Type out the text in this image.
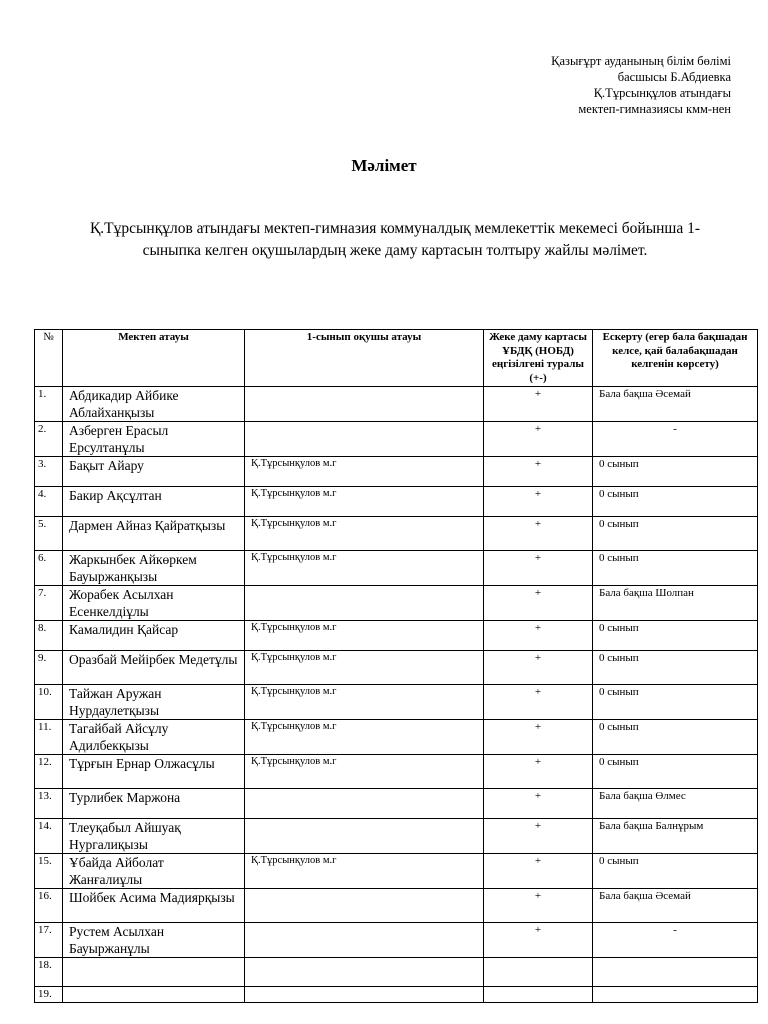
Қазығұрт ауданының білім бөлімі
басшысы Б.Абдиевка
Қ.Тұрсынқұлов атындағы
мектеп-гимназиясы кмм-нен
Мәлімет
Қ.Тұрсынқұлов атындағы мектеп-гимназия коммуналдық мемлекеттік мекемесі бойынша 1-сыныпка келген оқушылардың жеке даму картасын толтыру жайлы мәлімет.
№	Мектеп атауы	1-сынып оқушы атауы	Жеке даму картасы ҰБДҚ (НОБД) еңгізілгені туралы (+-)	Ескерту (егер бала бақшадан келсе, қай балабақшадан келгенін көрсету)
1.	Абдикадир Айбике Аблайханқызы		+	Бала бақша Әсемай
2.	Азберген Ерасыл Ерсултанұлы		+	-
3.	Бақыт Айару	Қ.Тұрсынқулов м.г	+	0 сынып
4.	Бакир Ақсұлтан	Қ.Тұрсынқулов м.г	+	0 сынып
5.	Дармен Айназ Қайратқызы	Қ.Тұрсынқулов м.г	+	0 сынып
6.	Жаркынбек Айкөркем Бауыржанқызы	Қ.Тұрсынқулов м.г	+	0 сынып
7.	Жорабек Асылхан Есенкелдіұлы		+	Бала бақша Шолпан
8.	Камалидин Қайсар	Қ.Тұрсынқулов м.г	+	0 сынып
9.	Оразбай Мейірбек Медетұлы	Қ.Тұрсынқулов м.г	+	0 сынып
10.	Тайжан Аружан Нурдаулетқызы	Қ.Тұрсынқулов м.г	+	0 сынып
11.	Тагайбай Айсұлу Адилбекқызы	Қ.Тұрсынқулов м.г	+	0 сынып
12.	Тұрғын Ернар Олжасұлы	Қ.Тұрсынқулов м.г	+	0 сынып
13.	Турлибек Маржона		+	Бала бақша Өлмес
14.	Тлеуқабыл Айшуақ Нургалиқызы		+	Бала бақша Балнұрым
15.	Ұбайда Айболат Жанғалиұлы	Қ.Тұрсынқулов м.г	+	0 сынып
16.	Шойбек Асима Мадиярқызы		+	Бала бақша Әсемай
17.	Рустем Асылхан Бауыржанұлы		+	-
18.				
19.				
